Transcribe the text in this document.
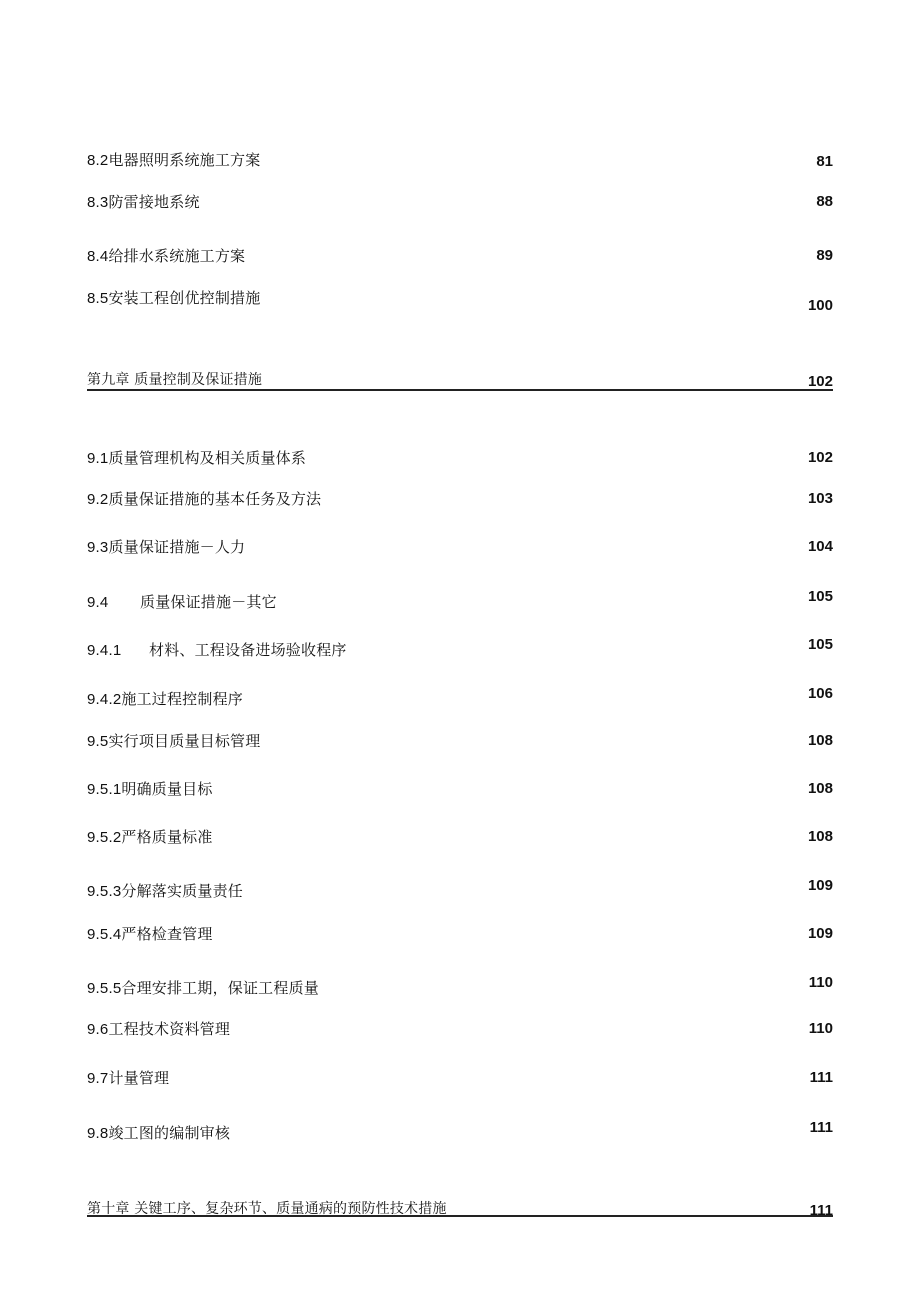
8.2电器照明系统施工方案	81
8.3防雷接地系统	88
8.4给排水系统施工方案	89
8.5安装工程创优控制措施	100
第九章 质量控制及保证措施	102
9.1质量管理机构及相关质量体系	102
9.2质量保证措施的基本任务及方法	103
9.3质量保证措施－人力	104
9.4 质量保证措施－其它	105
9.4.1 材料、工程设备进场验收程序	105
9.4.2施工过程控制程序	106
9.5实行项目质量目标管理	108
9.5.1明确质量目标	108
9.5.2严格质量标准	108
9.5.3分解落实质量责任	109
9.5.4严格检查管理	109
9.5.5合理安排工期，保证工程质量	110
9.6工程技术资料管理	110
9.7计量管理	111
9.8竣工图的编制审核	111
第十章 关键工序、复杂环节、质量通病的预防性技术措施	111
